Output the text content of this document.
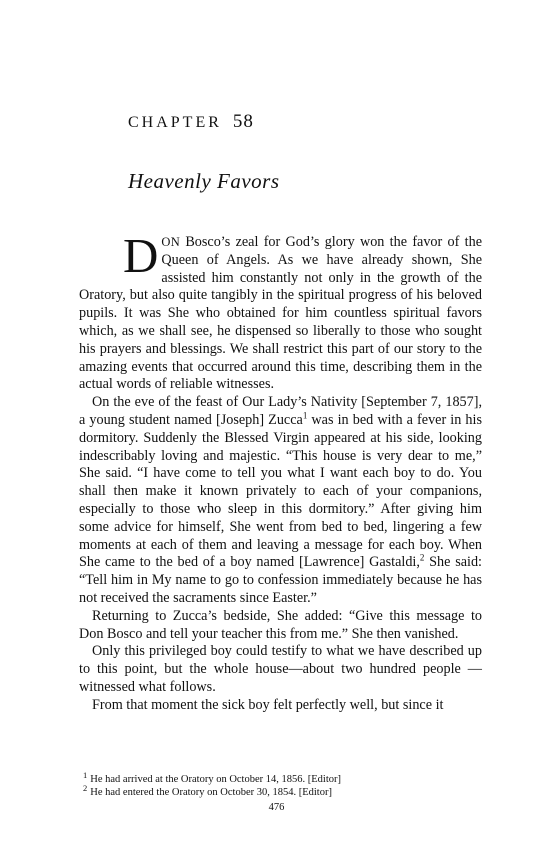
CHAPTER 58
Heavenly Favors

DON Bosco’s zeal for God’s glory won the favor of the Queen of Angels. As we have already shown, She assisted him constantly not only in the growth of the Oratory, but also quite tangibly in the spiritual progress of his beloved pupils. It was She who obtained for him countless spiritual favors which, as we shall see, he dispensed so liberally to those who sought his prayers and blessings. We shall restrict this part of our story to the amazing events that occurred around this time, describing them in the actual words of reliable witnesses.

On the eve of the feast of Our Lady’s Nativity [September 7, 1857], a young student named [Joseph] Zucca$^1$ was in bed with a fever in his dormitory. Suddenly the Blessed Virgin appeared at his side, looking indescribably loving and majestic. “This house is very dear to me,” She said. “I have come to tell you what I want each boy to do. You shall then make it known privately to each of your companions, especially to those who sleep in this dormitory.” After giving him some advice for himself, She went from bed to bed, lingering a few moments at each of them and leaving a message for each boy. When She came to the bed of a boy named [Lawrence] Gastaldi,$^2$ She said: “Tell him in My name to go to confession immediately because he has not received the sacraments since Easter.”

Returning to Zucca’s bedside, She added: “Give this message to Don Bosco and tell your teacher this from me.” She then vanished.

Only this privileged boy could testify to what we have described up to this point, but the whole house—about two hundred people —witnessed what follows.

From that moment the sick boy felt perfectly well, but since it

$^1$ He had arrived at the Oratory on October 14, 1856. [Editor]

$^2$ He had entered the Oratory on October 30, 1854. [Editor]

476
